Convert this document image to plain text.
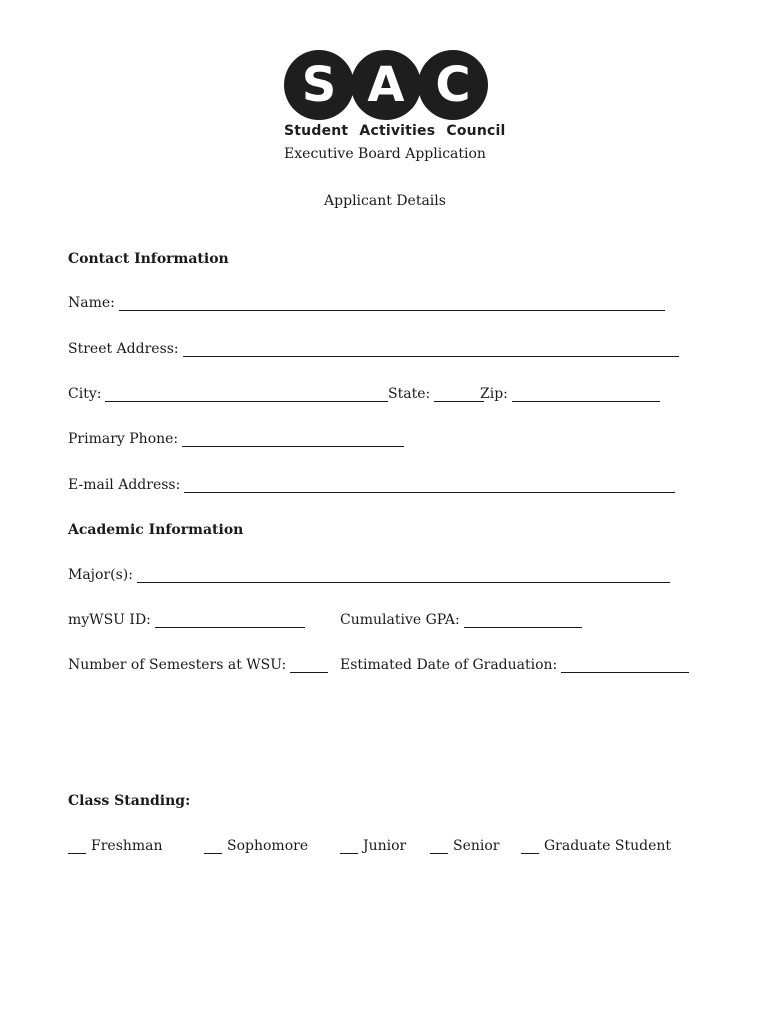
S A C
Student Activities Council
Executive Board Application
Applicant Details
Contact Information
Name:
Street Address:
City:	State:	Zip:
Primary Phone:
E-mail Address:
Academic Information
Major(s):
myWSU ID:	Cumulative GPA:
Number of Semesters at WSU:	Estimated Date of Graduation:
Class Standing:
Freshman	Sophomore	Junior	Senior	Graduate Student
